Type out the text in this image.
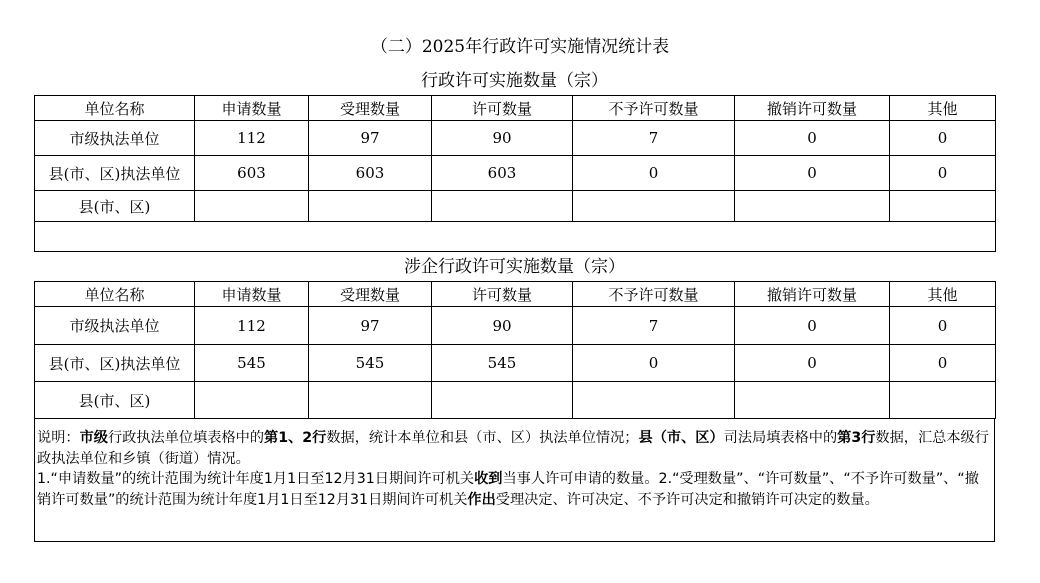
（二）2025年行政许可实施情况统计表
行政许可实施数量（宗）
单位名称	申请数量	受理数量	许可数量	不予许可数量	撤销许可数量	其他
市级执法单位	112	97	90	7	0	0
县(市、区)执法单位	603	603	603	0	0	0
县(市、区)						

涉企行政许可实施数量（宗）
单位名称	申请数量	受理数量	许可数量	不予许可数量	撤销许可数量	其他
市级执法单位	112	97	90	7	0	0
县(市、区)执法单位	545	545	545	0	0	0
县(市、区)						

说明：市级行政执法单位填表格中的第1、2行数据，统计本单位和县（市、区）执法单位情况；县（市、区）司法局填表格中的第3行数据，汇总本级行政执法单位和乡镇（街道）情况。

1.“申请数量”的统计范围为统计年度1月1日至12月31日期间许可机关收到当事人许可申请的数量。2.“受理数量”、“许可数量”、“不予许可数量”、“撤销许可数量”的统计范围为统计年度1月1日至12月31日期间许可机关作出受理决定、许可决定、不予许可决定和撤销许可决定的数量。
